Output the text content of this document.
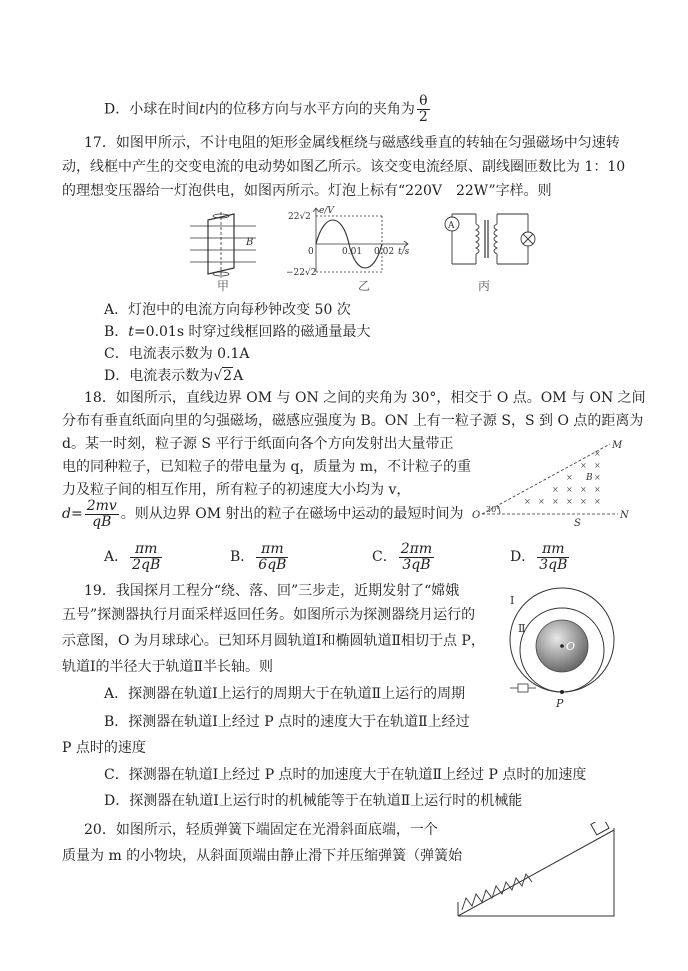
D．小球在时间t内的位移方向与水平方向的夹角为 $\frac{\theta}{2}$
17．如图甲所示，不计电阻的矩形金属线框绕与磁感线垂直的转轴在匀强磁场中匀速转
动，线框中产生的交变电流的电动势如图乙所示。该交变电流经原、副线圈匝数比为 1：10
的理想变压器给一灯泡供电，如图丙所示。灯泡上标有“220V　22W”字样。则
B
甲
e/V
22√2
−22√2
0	0.01 0.02 t/s
乙
A
丙
A．灯泡中的电流方向每秒钟改变 50 次
B．t=0.01s 时穿过线框回路的磁通量最大
C．电流表示数为 0.1A
D．电流表示数为√2A
18．如图所示，直线边界 OM 与 ON 之间的夹角为 30°，相交于 O 点。OM 与 ON 之间
分布有垂直纸面向里的匀强磁场，磁感应强度为 B。ON 上有一粒子源 S，S 到 O 点的距离为
d。某一时刻，粒子源 S 平行于纸面向各个方向发射出大量带正
电的同种粒子，已知粒子的带电量为 q，质量为 m，不计粒子的重
力及粒子间的相互作用，所有粒子的初速度大小均为 v，
$d= \frac{2mv}{qB}$ 。则从边界 OM 射出的粒子在磁场中运动的最短时间为
×
× ×
×	×
× × × ×
× × × × × ×
M
N
O
S
B
30°
A． $\frac{\pi m}{2qB}$	B． $\frac{\pi m}{6qB}$	C． $\frac{2\pi m}{3qB}$	D． $\frac{\pi m}{3qB}$
19．我国探月工程分“绕、落、回”三步走，近期发射了“嫦娥
五号”探测器执行月面采样返回任务。如图所示为探测器绕月运行的
示意图，O 为月球球心。已知环月圆轨道Ⅰ和椭圆轨道Ⅱ相切于点 P，
轨道Ⅰ的半径大于轨道Ⅱ半长轴。则
Ⅰ
Ⅱ
O
P
A．探测器在轨道Ⅰ上运行的周期大于在轨道Ⅱ上运行的周期
B．探测器在轨道Ⅰ上经过 P 点时的速度大于在轨道Ⅱ上经过
P 点时的速度
C．探测器在轨道Ⅰ上经过 P 点时的加速度大于在轨道Ⅱ上经过 P 点时的加速度
D．探测器在轨道Ⅰ上运行时的机械能等于在轨道Ⅱ上运行时的机械能
20．如图所示，轻质弹簧下端固定在光滑斜面底端，一个
质量为 m 的小物块，从斜面顶端由静止滑下并压缩弹簧（弹簧始
